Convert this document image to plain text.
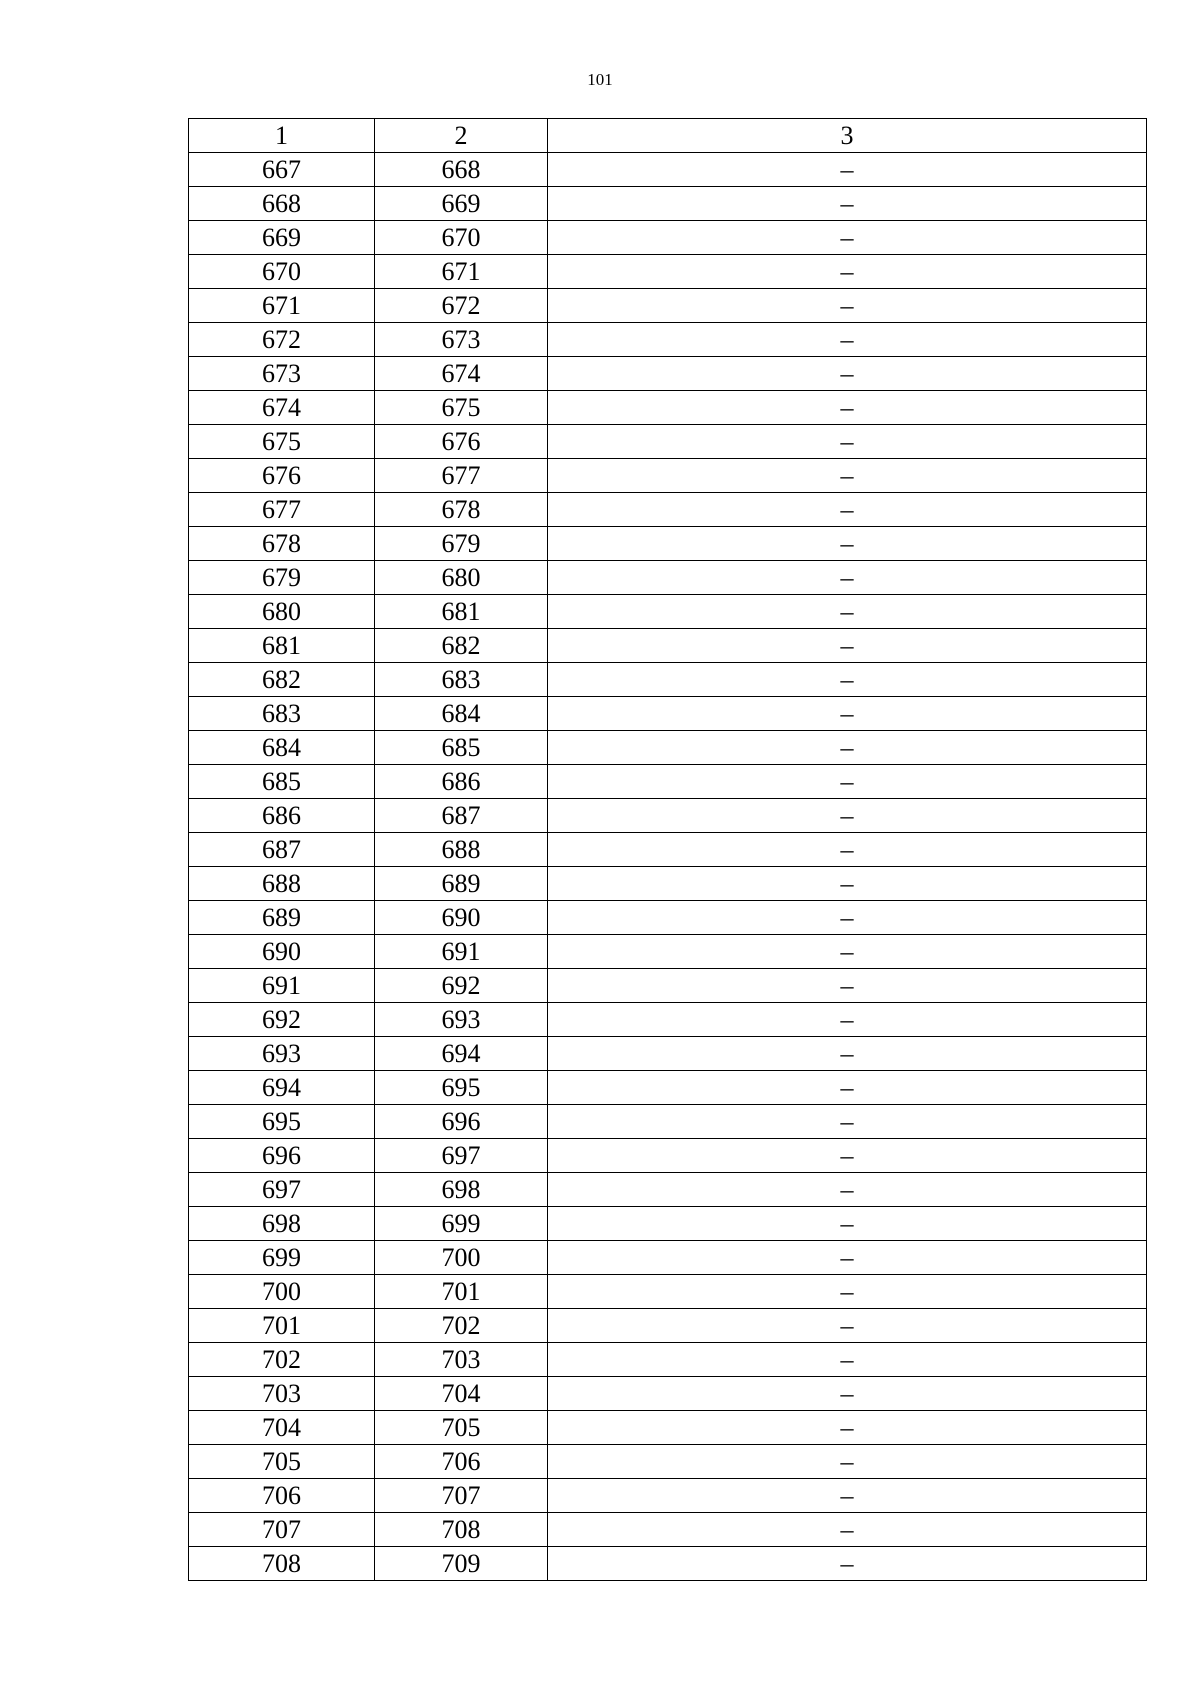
101
1	2	3
667	668	–
668	669	–
669	670	–
670	671	–
671	672	–
672	673	–
673	674	–
674	675	–
675	676	–
676	677	–
677	678	–
678	679	–
679	680	–
680	681	–
681	682	–
682	683	–
683	684	–
684	685	–
685	686	–
686	687	–
687	688	–
688	689	–
689	690	–
690	691	–
691	692	–
692	693	–
693	694	–
694	695	–
695	696	–
696	697	–
697	698	–
698	699	–
699	700	–
700	701	–
701	702	–
702	703	–
703	704	–
704	705	–
705	706	–
706	707	–
707	708	–
708	709	–
